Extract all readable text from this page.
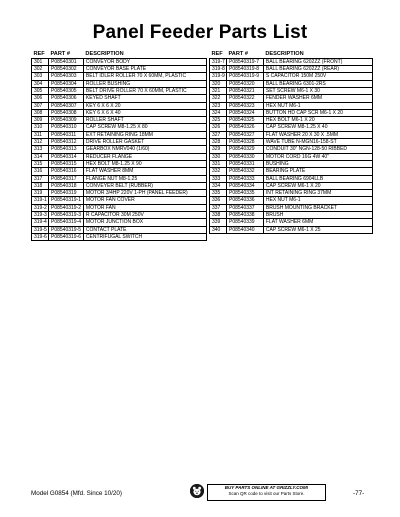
Panel Feeder Parts List
REF	PART #	DESCRIPTION
301	P08540301	CONVEYOR BODY
302	P08540302	CONVEYOR BASE PLATE
303	P08540303	BELT IDLER ROLLER 70 X 60MM, PLASTIC
304	P08540304	ROLLER BUSHING
305	P08540305	BELT DRIVE ROLLER 70 X 60MM, PLASTIC
306	P08540306	KEYED SHAFT
307	P08540307	KEY 6 X 6 X 20
308	P08540308	KEY 6 X 6 X 40
309	P08540309	ROLLER SHAFT
310	P08540310	CAP SCREW M8-1.25 X 80
311	P08540311	EXT RETAINING RING 18MM
312	P08540312	DRIVE ROLLER GASKET
313	P08540313	GEARBOX NMRV040 (1/60)
314	P08540314	REDUCER FLANGE
315	P08540315	HEX BOLT M8-1.25 X 90
316	P08540316	FLAT WASHER 8MM
317	P08540317	FLANGE NUT M8-1.25
318	P08540318	CONVEYER BELT (RUBBER)
319	P08540319	MOTOR 3/4HP 220V 1-PH (PANEL FEEDER)
319-1	P08540319-1	MOTOR FAN COVER
319-2	P08540319-2	MOTOR FAN
319-3	P08540319-3	R CAPACITOR 30M 250V
319-4	P08540319-4	MOTOR JUNCTION BOX
319-5	P08540319-5	CONTACT PLATE
319-6	P08540319-6	CENTRIFUGAL SWITCH
REF	PART #	DESCRIPTION
319-7	P08540319-7	BALL BEARING 6202ZZ (FRONT)
319-8	P08540319-8	BALL BEARING 6202ZZ (REAR)
319-9	P08540319-9	S CAPACITOR 150M 250V
320	P08540320	BALL BEARING 6301-2RS
321	P08540321	SET SCREW M6-1 X 30
322	P08540322	FENDER WASHER 6MM
323	P08540323	HEX NUT M6-1
324	P08540324	BUTTON HD CAP SCR M6-1 X 20
325	P08540325	HEX BOLT M6-1 X 20
326	P08540326	CAP SCREW M8-1.25 X 40
327	P08540327	FLAT WASHER 20 X 30 X .5MM
328	P08540328	WAVE TUBE N-MGN16-158-ST
329	P08540329	CONDUIT 30" NGN-128-50 RIBBED
330	P08540330	MOTOR CORD 16G 4W 40"
331	P08540331	BUSHING
332	P08540332	BEARING PLATE
333	P08540333	BALL BEARING 6904LLB
334	P08540334	CAP SCREW M6-1 X 20
335	P08540335	INT RETAINING RING 37MM
336	P08540336	HEX NUT M6-1
337	P08540337	BRUSH MOUNTING BRACKET
338	P08540338	BRUSH
339	P08540339	FLAT WASHER 6MM
340	P08540340	CAP SCREW M6-1 X 25
Model G0854 (Mfd. Since 10/20)
BUY PARTS ONLINE AT GRIZZLY.COM!
Scan QR code to visit our Parts Store.	-77-
